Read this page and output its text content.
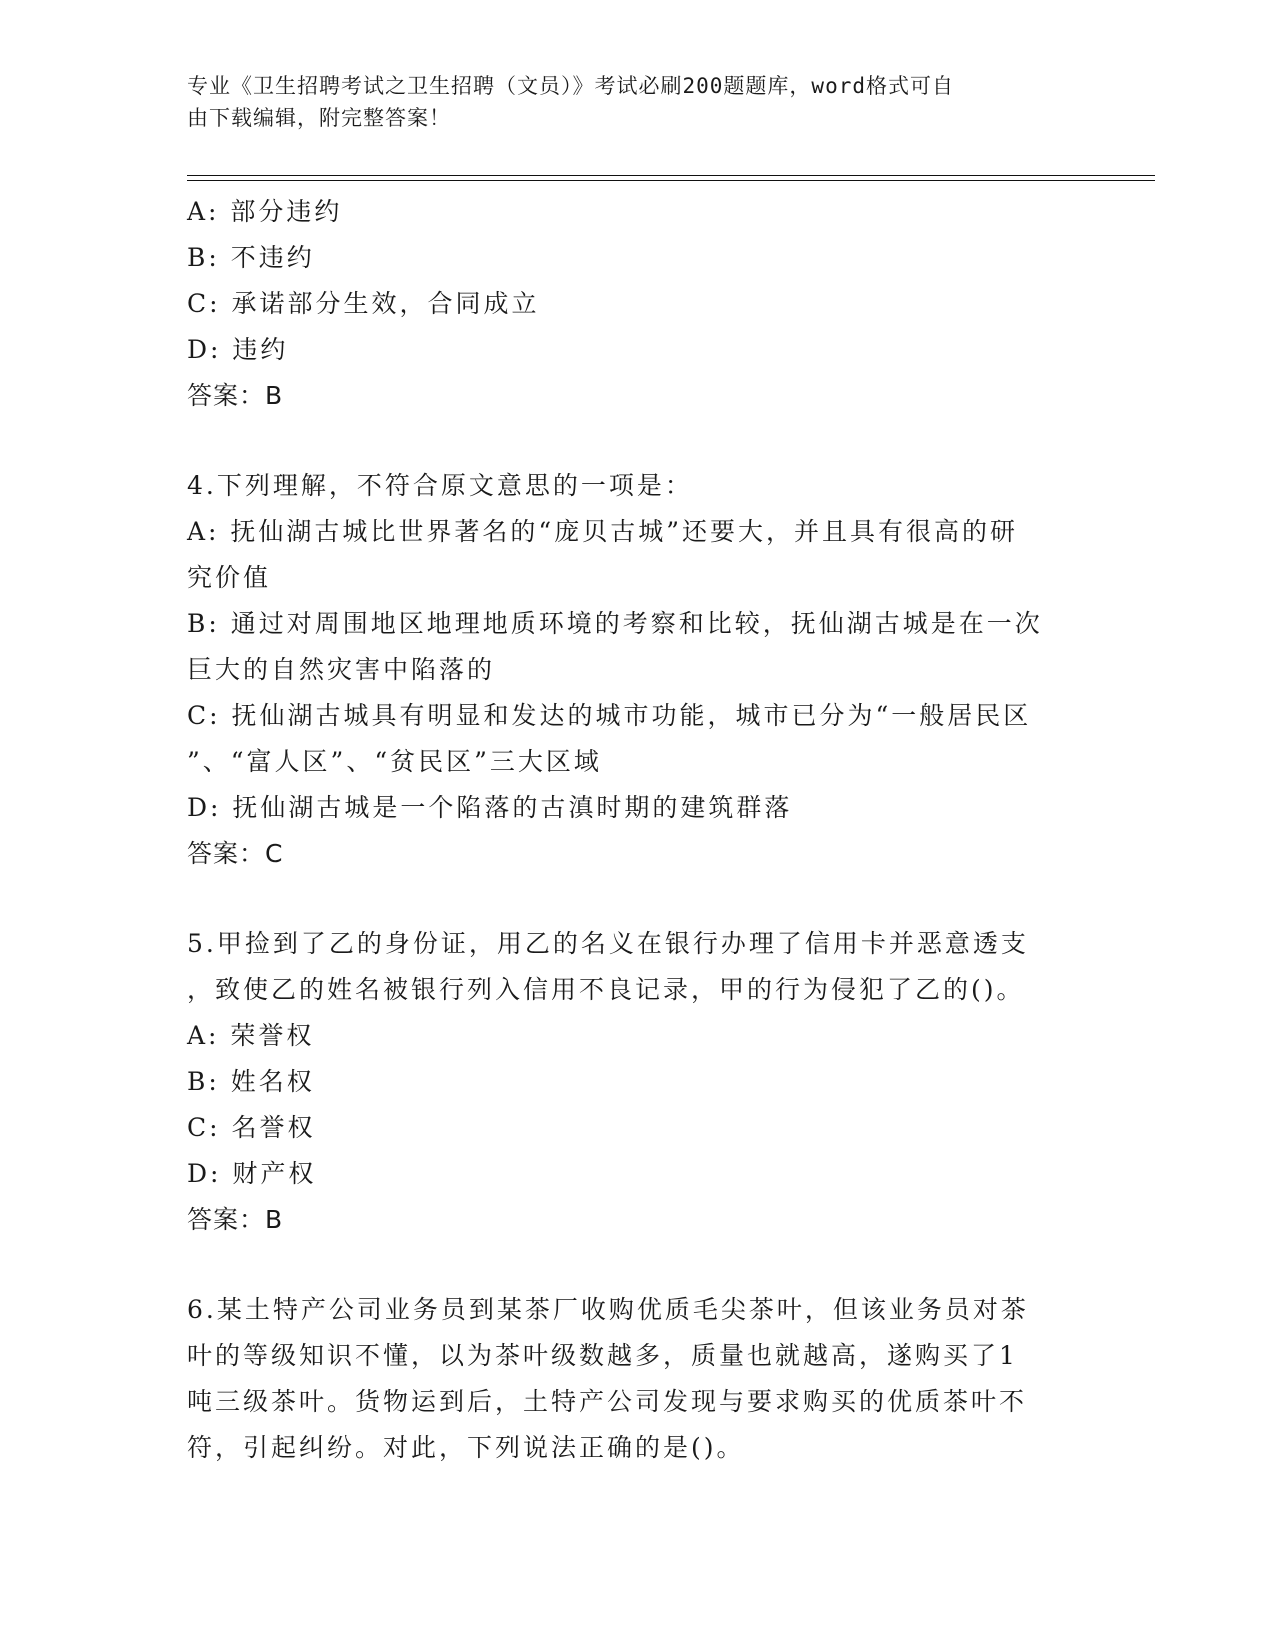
专业《卫生招聘考试之卫生招聘（文员）》考试必刷200题题库，word格式可自
由下载编辑，附完整答案！
A: 部分违约
B: 不违约
C: 承诺部分生效，合同成立
D: 违约
答案：B
4.下列理解，不符合原文意思的一项是：
A: 抚仙湖古城比世界著名的“庞贝古城”还要大，并且具有很高的研
究价值
B: 通过对周围地区地理地质环境的考察和比较，抚仙湖古城是在一次
巨大的自然灾害中陷落的
C: 抚仙湖古城具有明显和发达的城市功能，城市已分为“一般居民区
”、“富人区”、“贫民区”三大区域
D: 抚仙湖古城是一个陷落的古滇时期的建筑群落
答案：C
5.甲捡到了乙的身份证，用乙的名义在银行办理了信用卡并恶意透支
，致使乙的姓名被银行列入信用不良记录，甲的行为侵犯了乙的()。
A: 荣誉权
B: 姓名权
C: 名誉权
D: 财产权
答案：B
6.某土特产公司业务员到某茶厂收购优质毛尖茶叶，但该业务员对茶
叶的等级知识不懂，以为茶叶级数越多，质量也就越高，遂购买了1
吨三级茶叶。货物运到后，土特产公司发现与要求购买的优质茶叶不
符，引起纠纷。对此，下列说法正确的是()。
